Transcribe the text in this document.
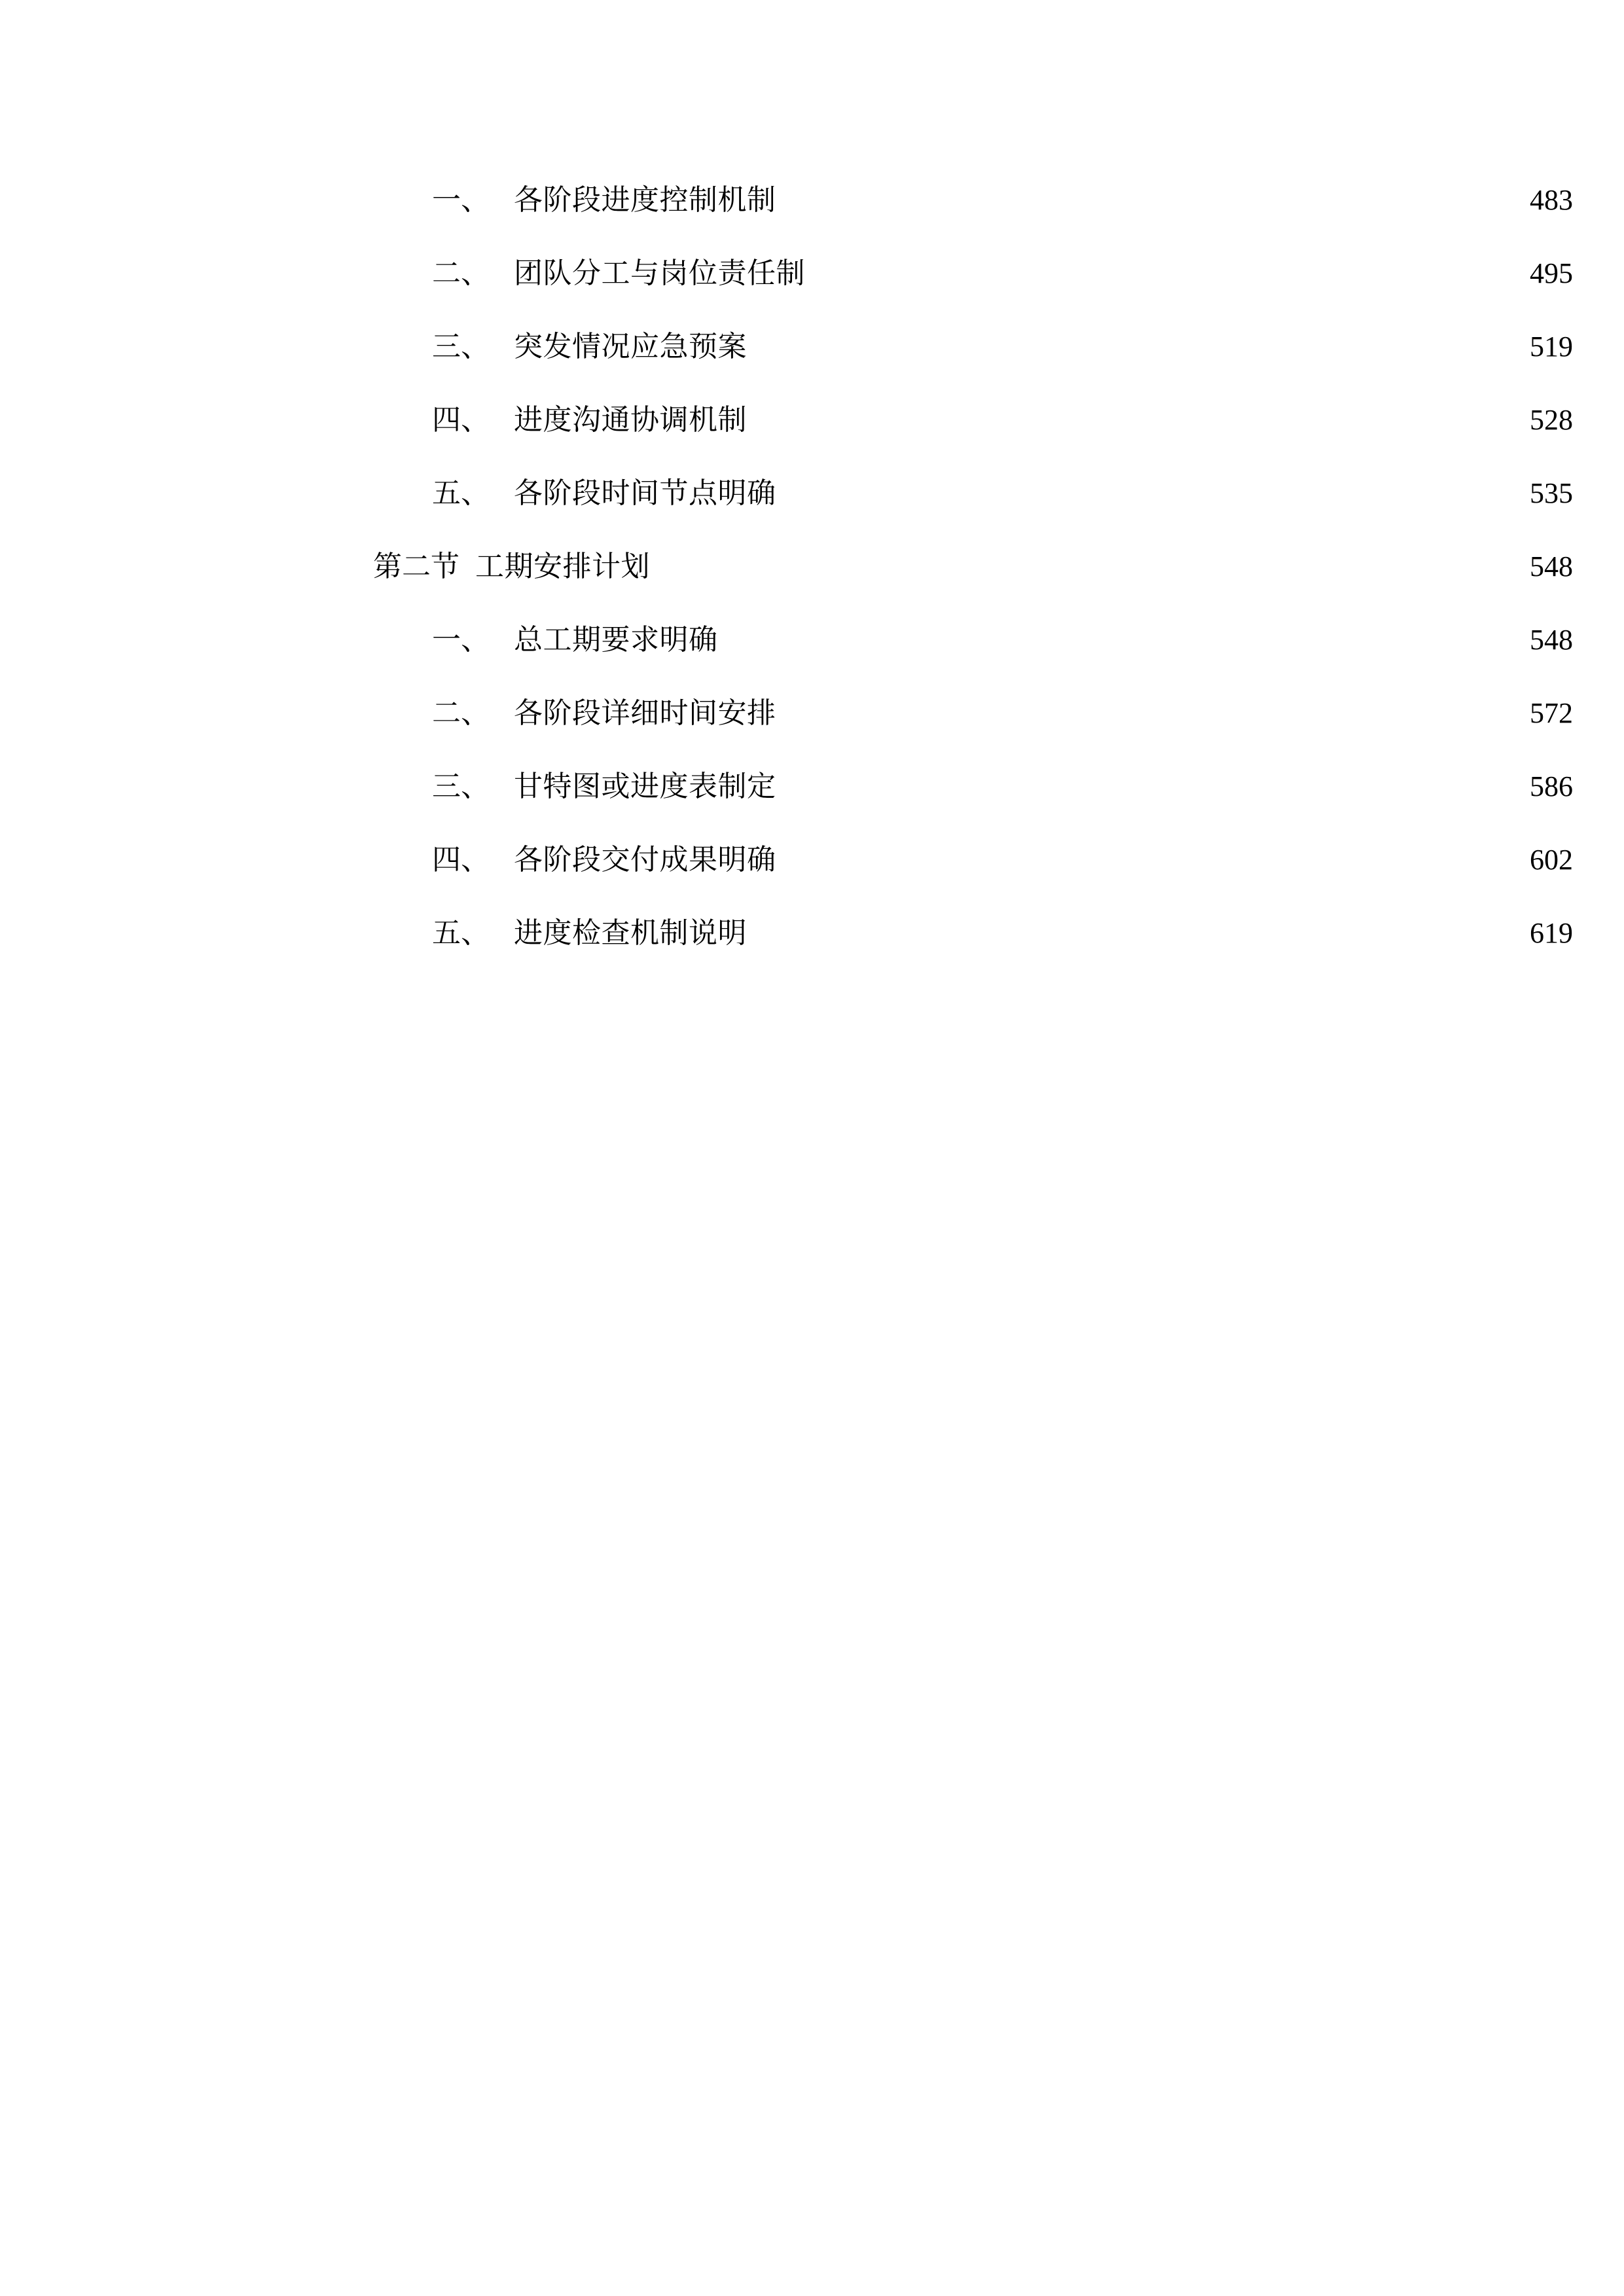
一、 各阶段进度控制机制 . . .	483
二、 团队分工与岗位责任制 . . .	495
三、 突发情况应急预案 . . .	519
四、 进度沟通协调机制 . . .	528
五、 各阶段时间节点明确 . . .	535
第二节 工期安排计划 . . .	548
一、 总工期要求明确 . . .	548
二、 各阶段详细时间安排 . . .	572
三、 甘特图或进度表制定 . . .	586
四、 各阶段交付成果明确 . . .	602
五、 进度检查机制说明 . . .	619
